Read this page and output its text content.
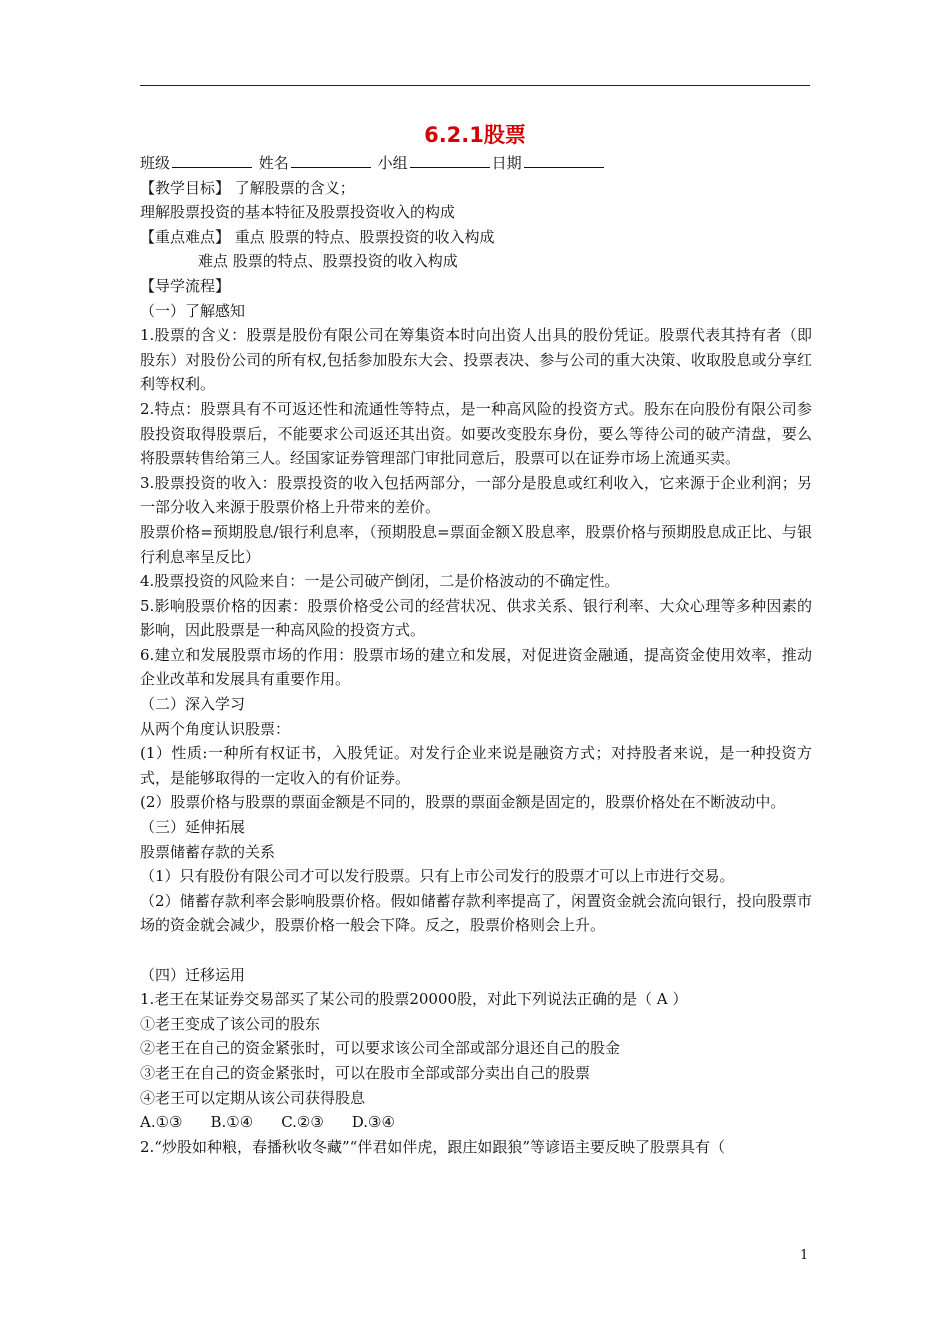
6.2.1股票

班级	姓名	小组	日期

【教学目标】 了解股票的含义；

理解股票投资的基本特征及股票投资收入的构成

【重点难点】 重点 股票的特点、股票投资的收入构成

难点 股票的特点、股票投资的收入构成

【导学流程】

（一）了解感知

1.股票的含义：股票是股份有限公司在筹集资本时向出资人出具的股份凭证。股票代表其持有者（即股东）对股份公司的所有权,包括参加股东大会、投票表决、参与公司的重大决策、收取股息或分享红利等权利。

2.特点：股票具有不可返还性和流通性等特点，是一种高风险的投资方式。股东在向股份有限公司参股投资取得股票后，不能要求公司返还其出资。如要改变股东身份，要么等待公司的破产清盘，要么将股票转售给第三人。经国家证券管理部门审批同意后，股票可以在证券市场上流通买卖。

3.股票投资的收入：股票投资的收入包括两部分，一部分是股息或红利收入，它来源于企业利润；另一部分收入来源于股票价格上升带来的差价。

股票价格=预期股息/银行利息率，（预期股息=票面金额Ｘ股息率，股票价格与预期股息成正比、与银行利息率呈反比）

4.股票投资的风险来自：一是公司破产倒闭，二是价格波动的不确定性。

5.影响股票价格的因素：股票价格受公司的经营状况、供求关系、银行利率、大众心理等多种因素的影响，因此股票是一种高风险的投资方式。

6.建立和发展股票市场的作用：股票市场的建立和发展，对促进资金融通，提高资金使用效率，推动企业改革和发展具有重要作用。

（二）深入学习

从两个角度认识股票：

(1）性质:一种所有权证书，入股凭证。对发行企业来说是融资方式；对持股者来说，是一种投资方式，是能够取得的一定收入的有价证券。

(2）股票价格与股票的票面金额是不同的，股票的票面金额是固定的，股票价格处在不断波动中。

（三）延伸拓展

股票储蓄存款的关系

（1）只有股份有限公司才可以发行股票。只有上市公司发行的股票才可以上市进行交易。

（2）储蓄存款利率会影响股票价格。假如储蓄存款利率提高了，闲置资金就会流向银行，投向股票市场的资金就会减少，股票价格一般会下降。反之，股票价格则会上升。

（四）迁移运用

1.老王在某证券交易部买了某公司的股票20000股，对此下列说法正确的是（ A ）

①老王变成了该公司的股东

②老王在自己的资金紧张时，可以要求该公司全部或部分退还自己的股金

③老王在自己的资金紧张时，可以在股市全部或部分卖出自己的股票

④老王可以定期从该公司获得股息

A.①③ B.①④ C.②③ D.③④

2.“炒股如种粮，春播秋收冬藏”“伴君如伴虎，跟庄如跟狼”等谚语主要反映了股票具有（

1
